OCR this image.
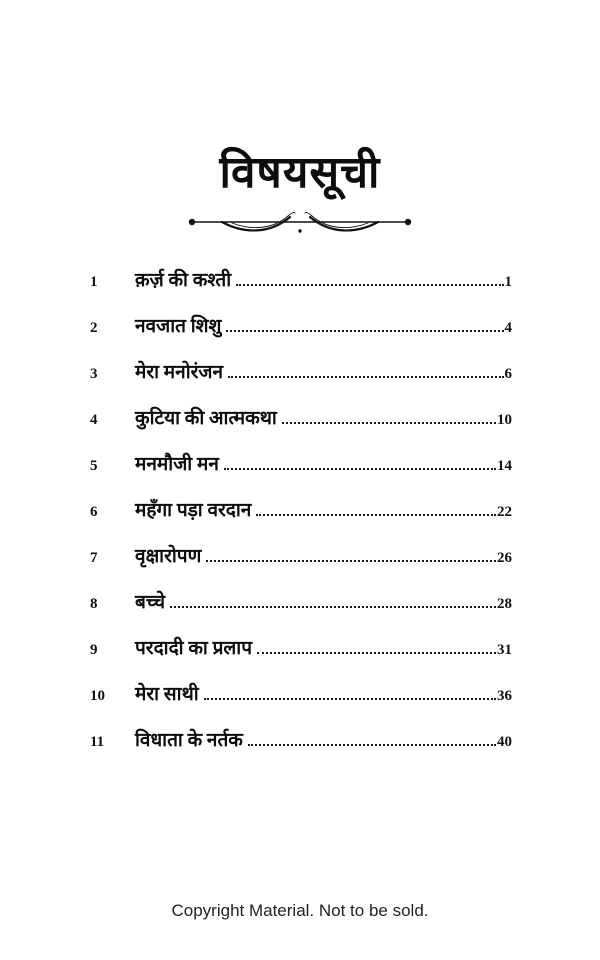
विषयसूची
1	क़र्ज़ की कश्ती	1
2	नवजात शिशु	4
3	मेरा मनोरंजन	6
4	कुटिया की आत्मकथा	10
5	मनमौजी मन	14
6	महँगा पड़ा वरदान	22
7	वृक्षारोपण	26
8	बच्चे	28
9	परदादी का प्रलाप	31
10	मेरा साथी	36
11	विधाता के नर्तक	40
Copyright Material. Not to be sold.
